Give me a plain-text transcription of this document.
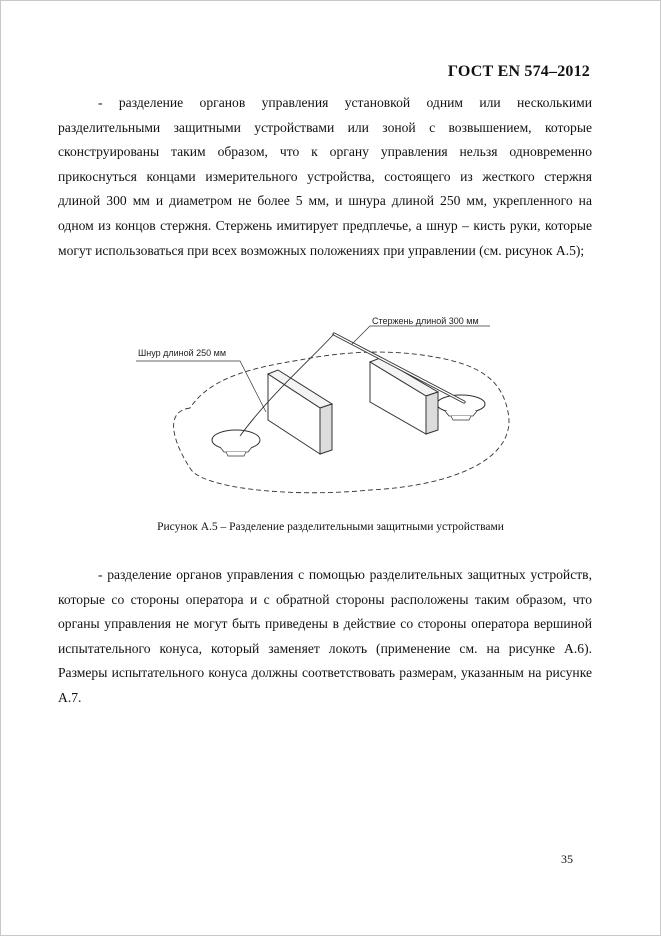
ГОСТ EN 574–2012

- разделение органов управления установкой одним или несколькими разделительными защитными устройствами или зоной с возвышением, которые сконструированы таким образом, что к органу управления нельзя одновременно прикоснуться концами измерительного устройства, состоящего из жесткого стержня длиной 300 мм и диаметром не более 5 мм, и шнура длиной 250 мм, укрепленного на одном из концов стержня. Стержень имитирует предплечье, а шнур – кисть руки, которые могут использоваться при всех возможных положениях при управлении (см. рисунок А.5);

Стержень длиной 300 мм
Шнур длиной 250 мм
Рисунок А.5 – Разделение разделительными защитными устройствами

- разделение органов управления с помощью разделительных защитных устройств, которые со стороны оператора и с обратной стороны расположены таким образом, что органы управления не могут быть приведены в действие со стороны оператора вершиной испытательного конуса, который заменяет локоть (применение см. на рисунке А.6). Размеры испытательного конуса должны соответствовать размерам, указанным на рисунке А.7.

35
